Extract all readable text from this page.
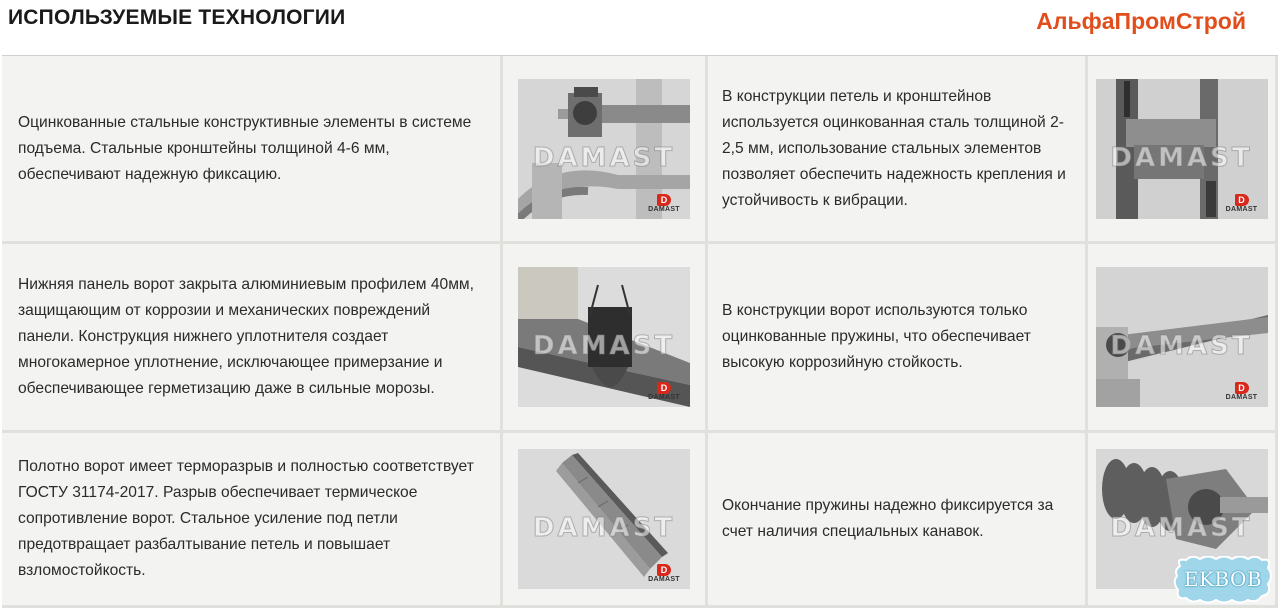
ИСПОЛЬЗУЕМЫЕ ТЕХНОЛОГИИ	АльфаПромСтрой
Оцинкованные стальные конструктивные элементы в системе подъема. Стальные кронштейны толщиной 4-6 мм, обеспечивают надежную фиксацию.
DAMAST
D
DAMAST
В конструкции петель и кронштейнов используется оцинкованная сталь толщиной 2-2,5 мм, использование стальных элементов позволяет обеспечить надежность крепления и устойчивость к вибрации.
DAMAST
D
DAMAST
Нижняя панель ворот закрыта алюминиевым профилем 40мм, защищающим от коррозии и механических повреждений панели. Конструкция нижнего уплотнителя создает многокамерное уплотнение, исключающее примерзание и обеспечивающее герметизацию даже в сильные морозы.
DAMAST
D
DAMAST
В конструкции ворот используются только оцинкованные пружины, что обеспечивает высокую коррозийную стойкость.
DAMAST
D
DAMAST
Полотно ворот имеет терморазрыв и полностью соответствует ГОСТУ 31174-2017. Разрыв обеспечивает термическое сопротивление ворот. Стальное усиление под петли предотвращает разбалтывание петель и повышает взломостойкость.
DAMAST
D
DAMAST
Окончание пружины надежно фиксируется за счет наличия специальных канавок.	DAMAST
EKBOB
